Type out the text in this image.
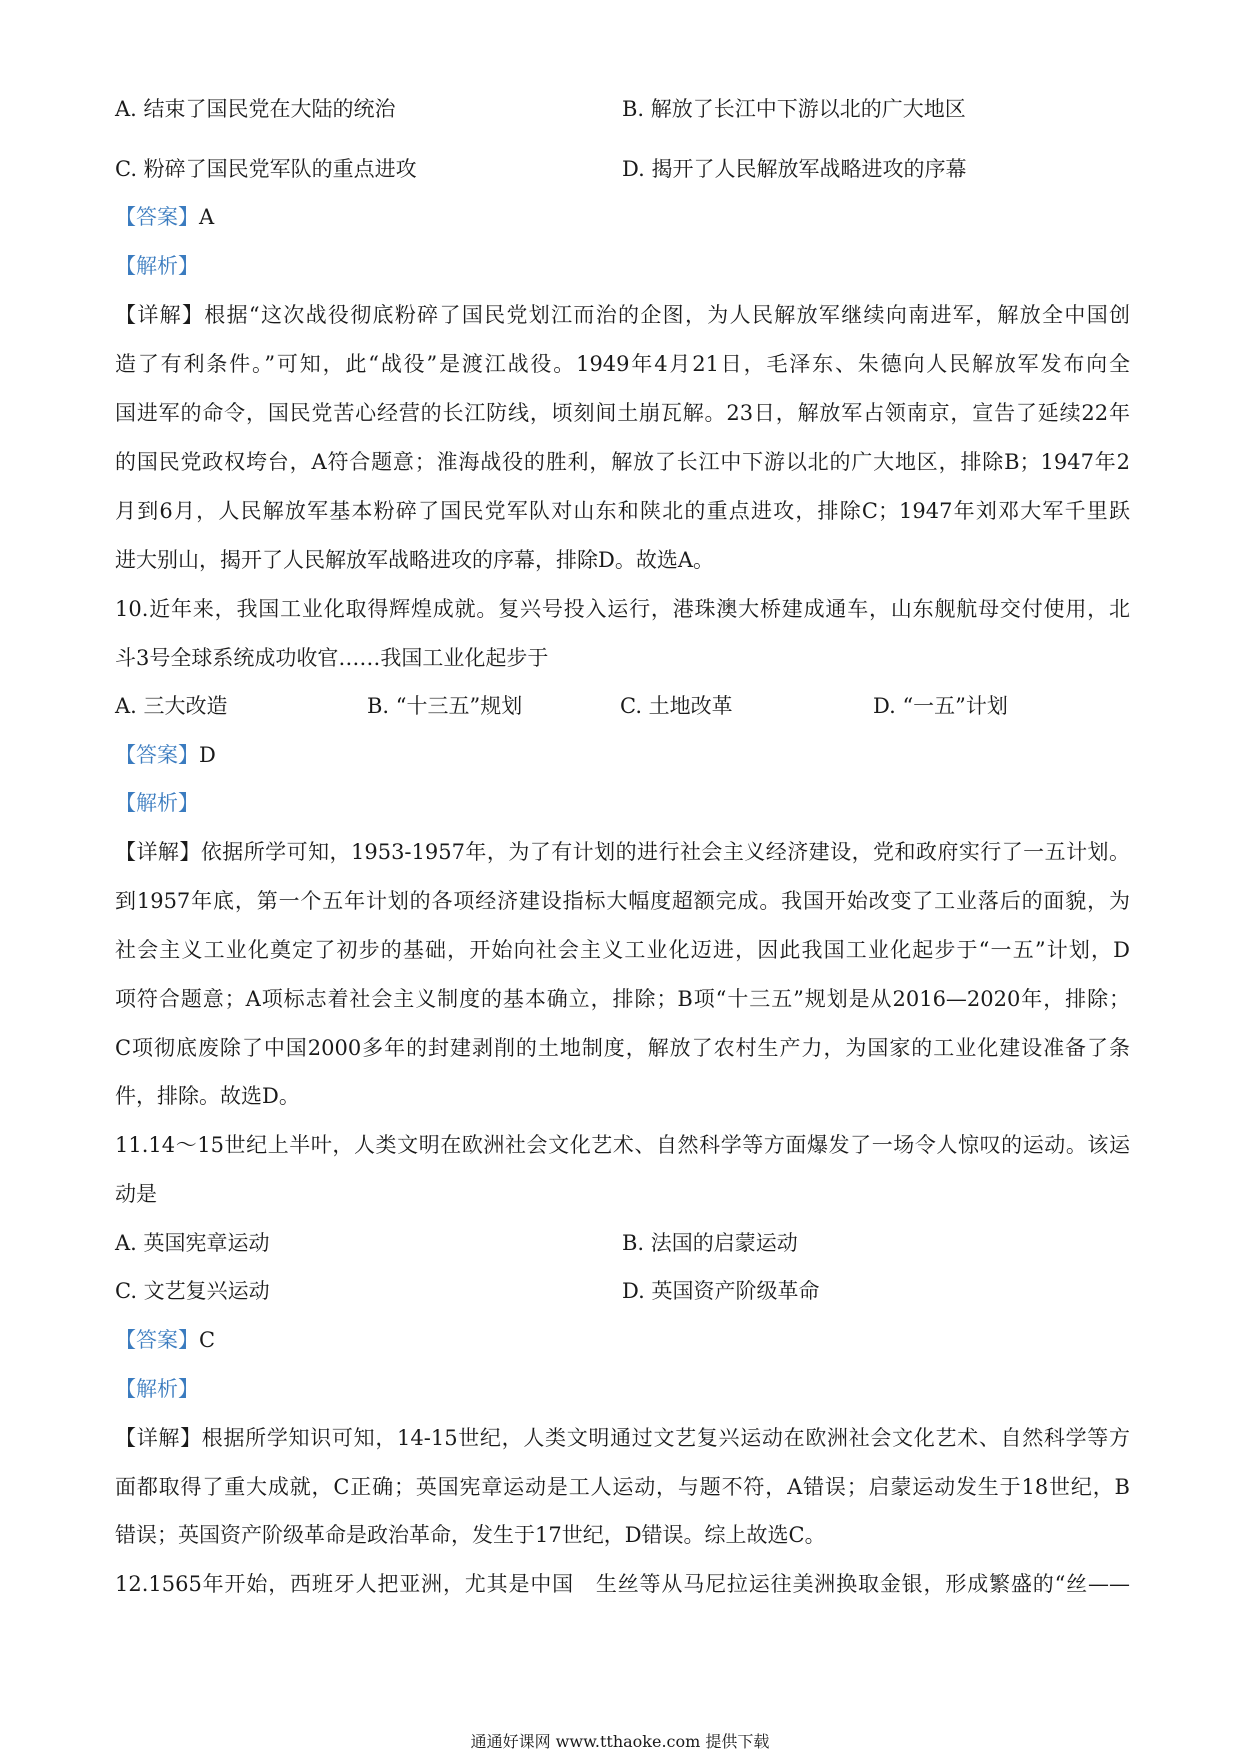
A. 结束了国民党在大陆的统治	B. 解放了长江中下游以北的广大地区
C. 粉碎了国民党军队的重点进攻	D. 揭开了人民解放军战略进攻的序幕
【答案】A
【解析】
【详解】根据“这次战役彻底粉碎了国民党划江而治的企图，为人民解放军继续向南进军，解放全中国创
造了有利条件。”可知，此“战役”是渡江战役。1949年4月21日，毛泽东、朱德向人民解放军发布向全
国进军的命令，国民党苦心经营的长江防线，顷刻间土崩瓦解。23日，解放军占领南京，宣告了延续22年
的国民党政权垮台，A符合题意；淮海战役的胜利，解放了长江中下游以北的广大地区，排除B；1947年2
月到6月，人民解放军基本粉碎了国民党军队对山东和陕北的重点进攻，排除C；1947年刘邓大军千里跃
进大别山，揭开了人民解放军战略进攻的序幕，排除D。故选A。
10.近年来，我国工业化取得辉煌成就。复兴号投入运行，港珠澳大桥建成通车，山东舰航母交付使用，北
斗3号全球系统成功收官……我国工业化起步于
A. 三大改造	B. “十三五”规划	C. 土地改革	D. “一五”计划
【答案】D
【解析】
【详解】依据所学可知，1953-1957年，为了有计划的进行社会主义经济建设，党和政府实行了一五计划。
到1957年底，第一个五年计划的各项经济建设指标大幅度超额完成。我国开始改变了工业落后的面貌，为
社会主义工业化奠定了初步的基础，开始向社会主义工业化迈进，因此我国工业化起步于“一五”计划，D
项符合题意；A项标志着社会主义制度的基本确立，排除；B项“十三五”规划是从2016—2020年，排除；
C项彻底废除了中国2000多年的封建剥削的土地制度，解放了农村生产力，为国家的工业化建设准备了条
件，排除。故选D。
11.14～15世纪上半叶，人类文明在欧洲社会文化艺术、自然科学等方面爆发了一场令人惊叹的运动。该运
动是
A. 英国宪章运动	B. 法国的启蒙运动
C. 文艺复兴运动	D. 英国资产阶级革命
【答案】C
【解析】
【详解】根据所学知识可知，14-15世纪，人类文明通过文艺复兴运动在欧洲社会文化艺术、自然科学等方
面都取得了重大成就，C正确；英国宪章运动是工人运动，与题不符，A错误；启蒙运动发生于18世纪，B
错误；英国资产阶级革命是政治革命，发生于17世纪，D错误。综上故选C。
12.1565年开始，西班牙人把亚洲，尤其是中国　生丝等从马尼拉运往美洲换取金银，形成繁盛的“丝——
通通好课网 www.tthaoke.com 提供下载
